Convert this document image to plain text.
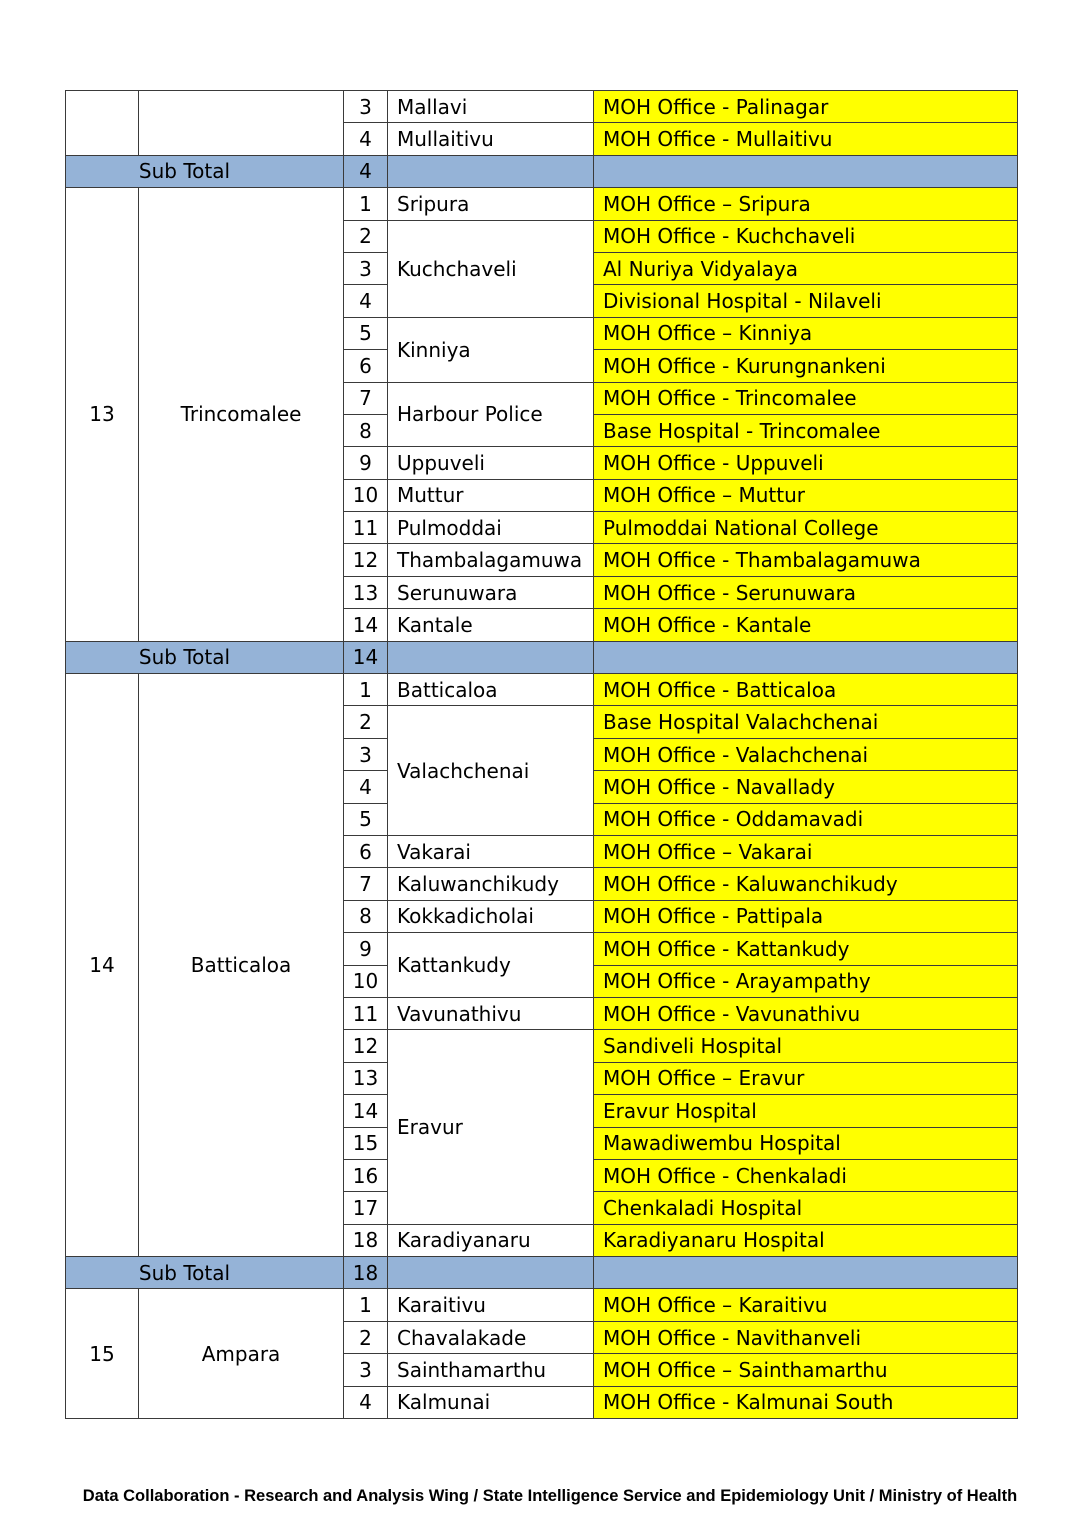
		3	Mallavi	MOH Office - Palinagar
		4	Mullaitivu	MOH Office - Mullaitivu
Sub Total		4		
13	Trincomalee	1	Sripura	MOH Office – Sripura
		2	Kuchchaveli	MOH Office - Kuchchaveli
		3		Al Nuriya Vidyalaya
		4		Divisional Hospital - Nilaveli
		5	Kinniya	MOH Office – Kinniya
		6		MOH Office - Kurungnankeni
		7	Harbour Police	MOH Office - Trincomalee
		8		Base Hospital - Trincomalee
		9	Uppuveli	MOH Office - Uppuveli
		10	Muttur	MOH Office – Muttur
		11	Pulmoddai	Pulmoddai National College
		12	Thambalagamuwa	MOH Office - Thambalagamuwa
		13	Serunuwara	MOH Office - Serunuwara
		14	Kantale	MOH Office - Kantale
Sub Total		14		
14	Batticaloa	1	Batticaloa	MOH Office - Batticaloa
		2	Valachchenai	Base Hospital Valachchenai
		3		MOH Office - Valachchenai
		4		MOH Office - Navallady
		5		MOH Office - Oddamavadi
		6	Vakarai	MOH Office – Vakarai
		7	Kaluwanchikudy	MOH Office - Kaluwanchikudy
		8	Kokkadicholai	MOH Office - Pattipala
		9	Kattankudy	MOH Office - Kattankudy
		10		MOH Office - Arayampathy
		11	Vavunathivu	MOH Office - Vavunathivu
		12	Eravur	Sandiveli Hospital
		13		MOH Office – Eravur
		14		Eravur Hospital
		15		Mawadiwembu Hospital
		16		MOH Office - Chenkaladi
		17		Chenkaladi Hospital
		18	Karadiyanaru	Karadiyanaru Hospital
Sub Total		18		
15	Ampara	1	Karaitivu	MOH Office – Karaitivu
		2	Chavalakade	MOH Office - Navithanveli
		3	Sainthamarthu	MOH Office – Sainthamarthu
		4	Kalmunai	MOH Office - Kalmunai South
Data Collaboration - Research and Analysis Wing / State Intelligence Service and Epidemiology Unit / Ministry of Health
